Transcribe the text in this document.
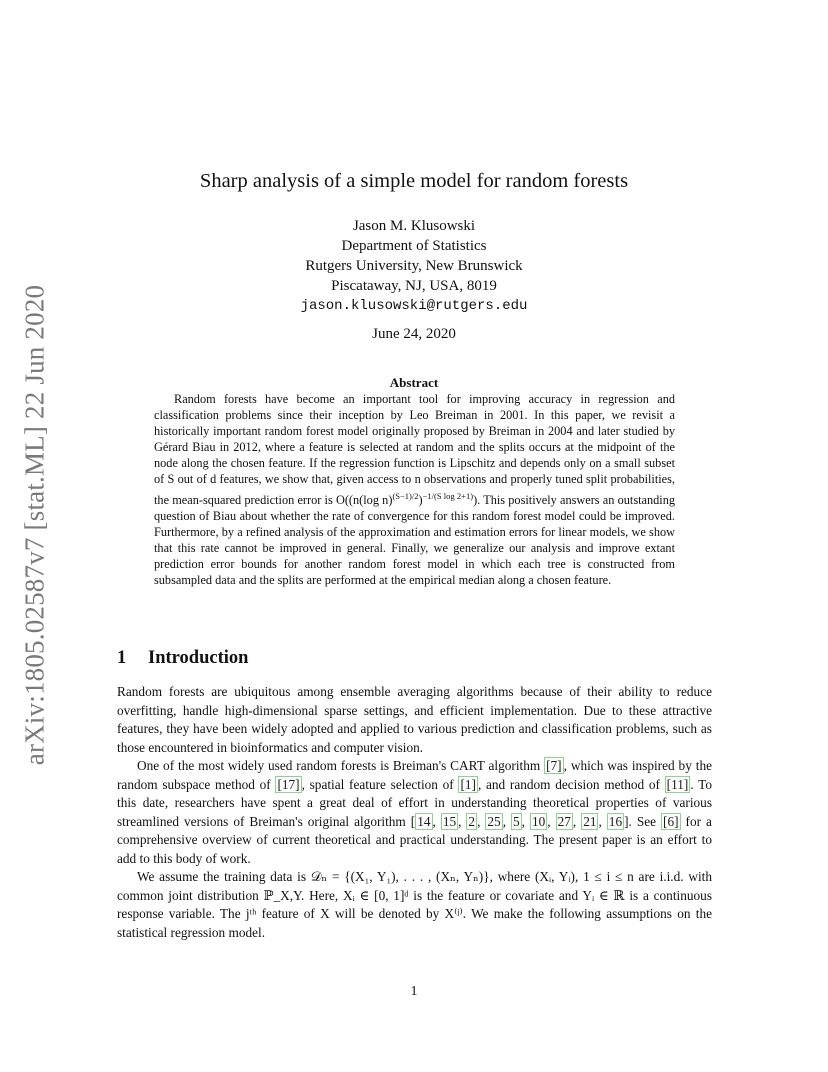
arXiv:1805.02587v7 [stat.ML] 22 Jun 2020
Sharp analysis of a simple model for random forests
Jason M. Klusowski
Department of Statistics
Rutgers University, New Brunswick
Piscataway, NJ, USA, 8019
jason.klusowski@rutgers.edu
June 24, 2020
Abstract

Random forests have become an important tool for improving accuracy in regression and classification problems since their inception by Leo Breiman in 2001. In this paper, we revisit a historically important random forest model originally proposed by Breiman in 2004 and later studied by Gérard Biau in 2012, where a feature is selected at random and the splits occurs at the midpoint of the node along the chosen feature. If the regression function is Lipschitz and depends only on a small subset of S out of d features, we show that, given access to n observations and properly tuned split probabilities, the mean-squared prediction error is O((n(log n)$^{(S-1)/2}$)$^{-1/(S log 2+1)}$). This positively answers an outstanding question of Biau about whether the rate of convergence for this random forest model could be improved. Furthermore, by a refined analysis of the approximation and estimation errors for linear models, we show that this rate cannot be improved in general. Finally, we generalize our analysis and improve extant prediction error bounds for another random forest model in which each tree is constructed from subsampled data and the splits are performed at the empirical median along a chosen feature.

1 Introduction

Random forests are ubiquitous among ensemble averaging algorithms because of their ability to reduce overfitting, handle high-dimensional sparse settings, and efficient implementation. Due to these attractive features, they have been widely adopted and applied to various prediction and classification problems, such as those encountered in bioinformatics and computer vision.

One of the most widely used random forests is Breiman's CART algorithm [7] , which was inspired by the random subspace method of [17] , spatial feature selection of [1] , and random decision method of [11] . To this date, researchers have spent a great deal of effort in understanding theoretical properties of various streamlined versions of Breiman's original algorithm [ 14 , 15 , 2 , 25 , 5 , 10 , 27 , 21 , 16 ]. See [6] for a comprehensive overview of current theoretical and practical understanding. The present paper is an effort to add to this body of work.

We assume the training data is 𝒟ₙ = {(X₁, Y₁), . . . , (Xₙ, Yₙ)}, where (Xᵢ, Yᵢ), 1 ≤ i ≤ n are i.i.d. with common joint distribution ℙ_X,Y. Here, Xᵢ ∈ [0, 1]ᵈ is the feature or covariate and Yᵢ ∈ ℝ is a continuous response variable. The jᵗʰ feature of X will be denoted by X⁽ʲ⁾. We make the following assumptions on the statistical regression model.

1
